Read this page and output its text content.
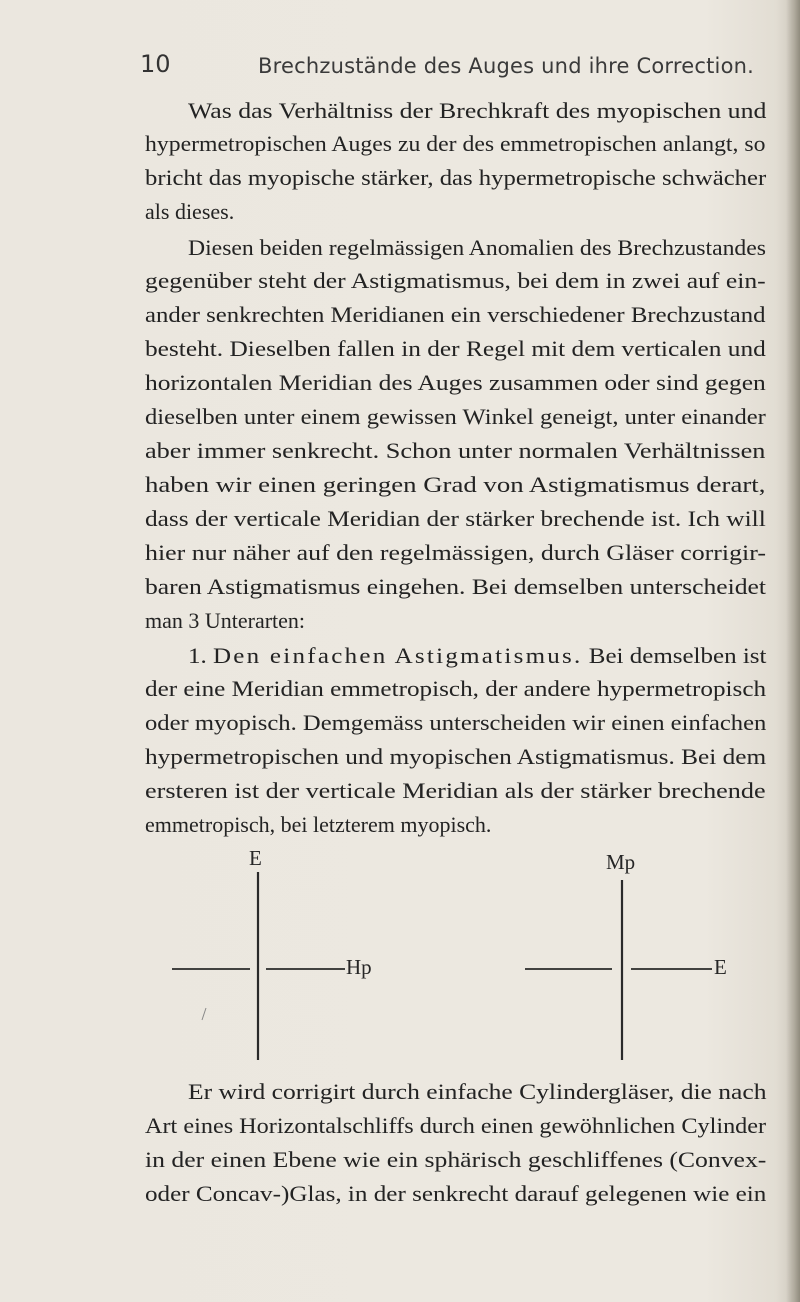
10	Brechzustände des Auges und ihre Correction.
Was das Verhältniss der Brechkraft des myopischen und
hypermetropischen Auges zu der des emmetropischen anlangt, so
bricht das myopische stärker, das hypermetropische schwächer
als dieses.
Diesen beiden regelmässigen Anomalien des Brechzustandes
gegenüber steht der Astigmatismus, bei dem in zwei auf ein-
ander senkrechten Meridianen ein verschiedener Brechzustand
besteht. Dieselben fallen in der Regel mit dem verticalen und
horizontalen Meridian des Auges zusammen oder sind gegen
dieselben unter einem gewissen Winkel geneigt, unter einander
aber immer senkrecht. Schon unter normalen Verhältnissen
haben wir einen geringen Grad von Astigmatismus derart,
dass der verticale Meridian der stärker brechende ist. Ich will
hier nur näher auf den regelmässigen, durch Gläser corrigir-
baren Astigmatismus eingehen. Bei demselben unterscheidet
man 3 Unterarten:
1. Den einfachen Astigmatismus. Bei demselben ist
der eine Meridian emmetropisch, der andere hypermetropisch
oder myopisch. Demgemäss unterscheiden wir einen einfachen
hypermetropischen und myopischen Astigmatismus. Bei dem
ersteren ist der verticale Meridian als der stärker brechende
emmetropisch, bei letzterem myopisch.
E
Hp
Mp
E
Er wird corrigirt durch einfache Cylindergläser, die nach
Art eines Horizontalschliffs durch einen gewöhnlichen Cylinder
in der einen Ebene wie ein sphärisch geschliffenes (Convex-
oder Concav-)Glas, in der senkrecht darauf gelegenen wie ein
